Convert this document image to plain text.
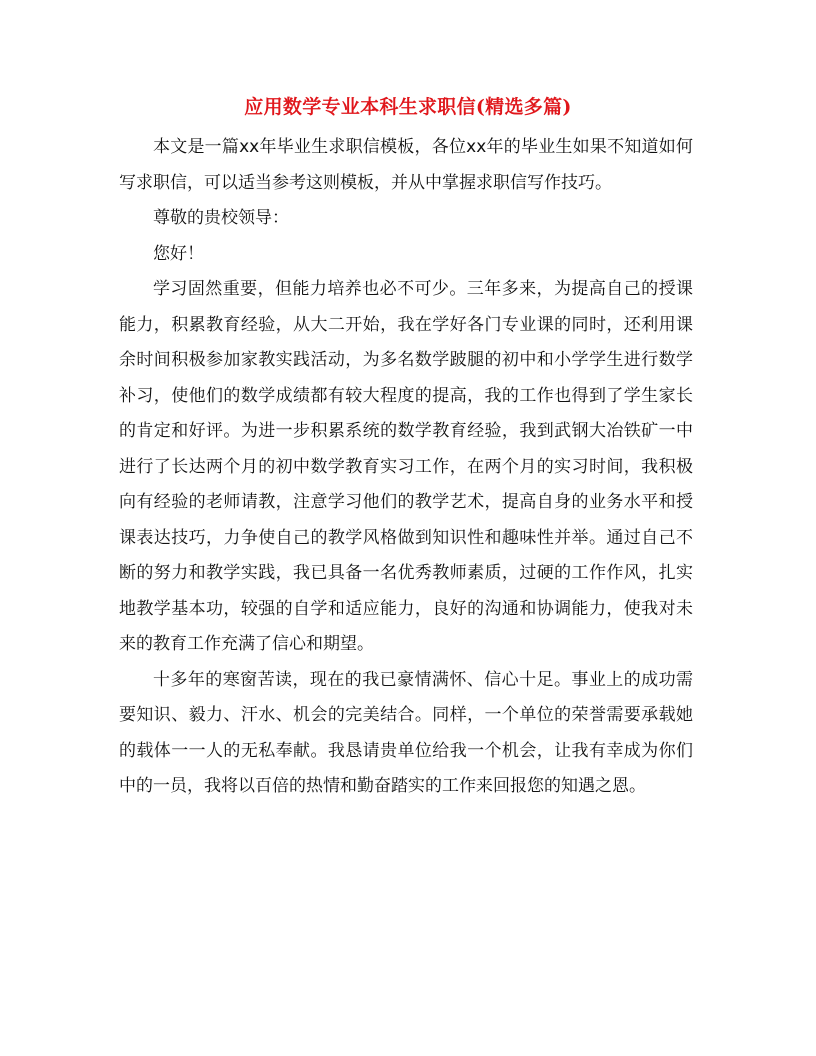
应用数学专业本科生求职信(精选多篇)

本文是一篇xx年毕业生求职信模板，各位xx年的毕业生如果不知道如何写求职信，可以适当参考这则模板，并从中掌握求职信写作技巧。

尊敬的贵校领导：

您好！

学习固然重要，但能力培养也必不可少。三年多来，为提高自己的授课能力，积累教育经验，从大二开始，我在学好各门专业课的同时，还利用课余时间积极参加家教实践活动，为多名数学跛腿的初中和小学学生进行数学补习，使他们的数学成绩都有较大程度的提高，我的工作也得到了学生家长的肯定和好评。为进一步积累系统的数学教育经验，我到武钢大冶铁矿一中进行了长达两个月的初中数学教育实习工作，在两个月的实习时间，我积极向有经验的老师请教，注意学习他们的教学艺术，提高自身的业务水平和授课表达技巧，力争使自己的教学风格做到知识性和趣味性并举。通过自己不断的努力和教学实践，我已具备一名优秀教师素质，过硬的工作作风，扎实地教学基本功，较强的自学和适应能力，良好的沟通和协调能力，使我对未来的教育工作充满了信心和期望。

十多年的寒窗苦读，现在的我已豪情满怀、信心十足。事业上的成功需要知识、毅力、汗水、机会的完美结合。同样，一个单位的荣誉需要承载她的载体一一人的无私奉献。我恳请贵单位给我一个机会，让我有幸成为你们中的一员，我将以百倍的热情和勤奋踏实的工作来回报您的知遇之恩。
